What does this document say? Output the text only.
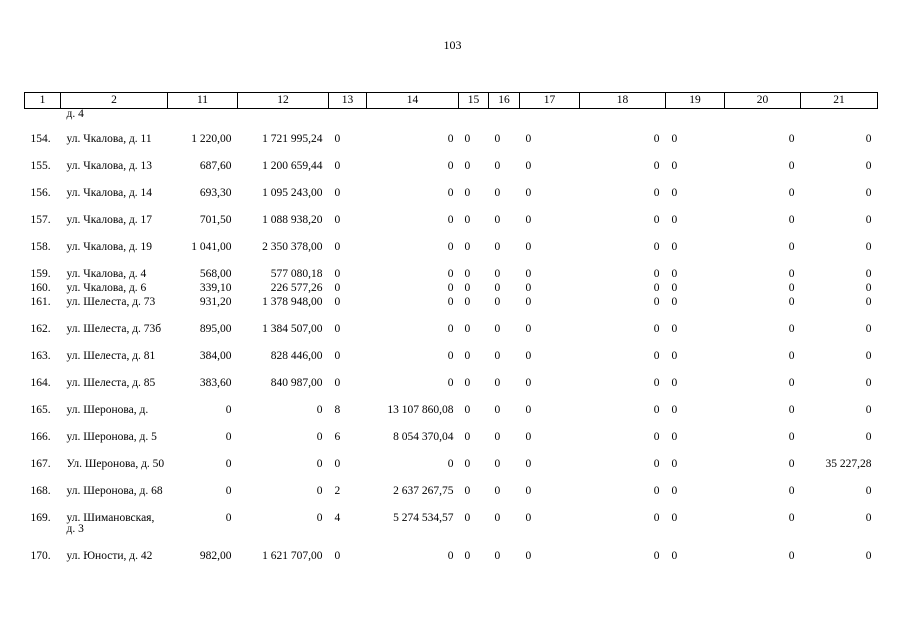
103
1	2	11	12	13	14	15	16	17	18	19	20	21
	д. 4											

154.	ул. Чкалова, д. 11	1 220,00	1 721 995,24	0	0	0	0	0	0	0	0	0
155.	ул. Чкалова, д. 13	687,60	1 200 659,44	0	0	0	0	0	0	0	0	0
156.	ул. Чкалова, д. 14	693,30	1 095 243,00	0	0	0	0	0	0	0	0	0
157.	ул. Чкалова, д. 17	701,50	1 088 938,20	0	0	0	0	0	0	0	0	0
158.	ул. Чкалова, д. 19	1 041,00	2 350 378,00	0	0	0	0	0	0	0	0	0
159.	ул. Чкалова, д. 4	568,00	577 080,18	0	0	0	0	0	0	0	0	0
160.	ул. Чкалова, д. 6	339,10	226 577,26	0	0	0	0	0	0	0	0	0
161.	ул. Шелеста, д. 73	931,20	1 378 948,00	0	0	0	0	0	0	0	0	0
162.	ул. Шелеста, д. 73б	895,00	1 384 507,00	0	0	0	0	0	0	0	0	0
163.	ул. Шелеста, д. 81	384,00	828 446,00	0	0	0	0	0	0	0	0	0
164.	ул. Шелеста, д. 85	383,60	840 987,00	0	0	0	0	0	0	0	0	0
165.	ул. Шеронова, д.	0	0	8	13 107 860,08	0	0	0	0	0	0	0
166.	ул. Шеронова, д. 5	0	0	6	8 054 370,04	0	0	0	0	0	0	0
167.	Ул. Шеронова, д. 50	0	0	0	0	0	0	0	0	0	0	35 227,28
168.	ул. Шеронова, д. 68	0	0	2	2 637 267,75	0	0	0	0	0	0	0
169.	ул. Шимановская, д. 3	0	0	4	5 274 534,57	0	0	0	0	0	0	0
170.	ул. Юности, д. 42	982,00	1 621 707,00	0	0	0	0	0	0	0	0	0
